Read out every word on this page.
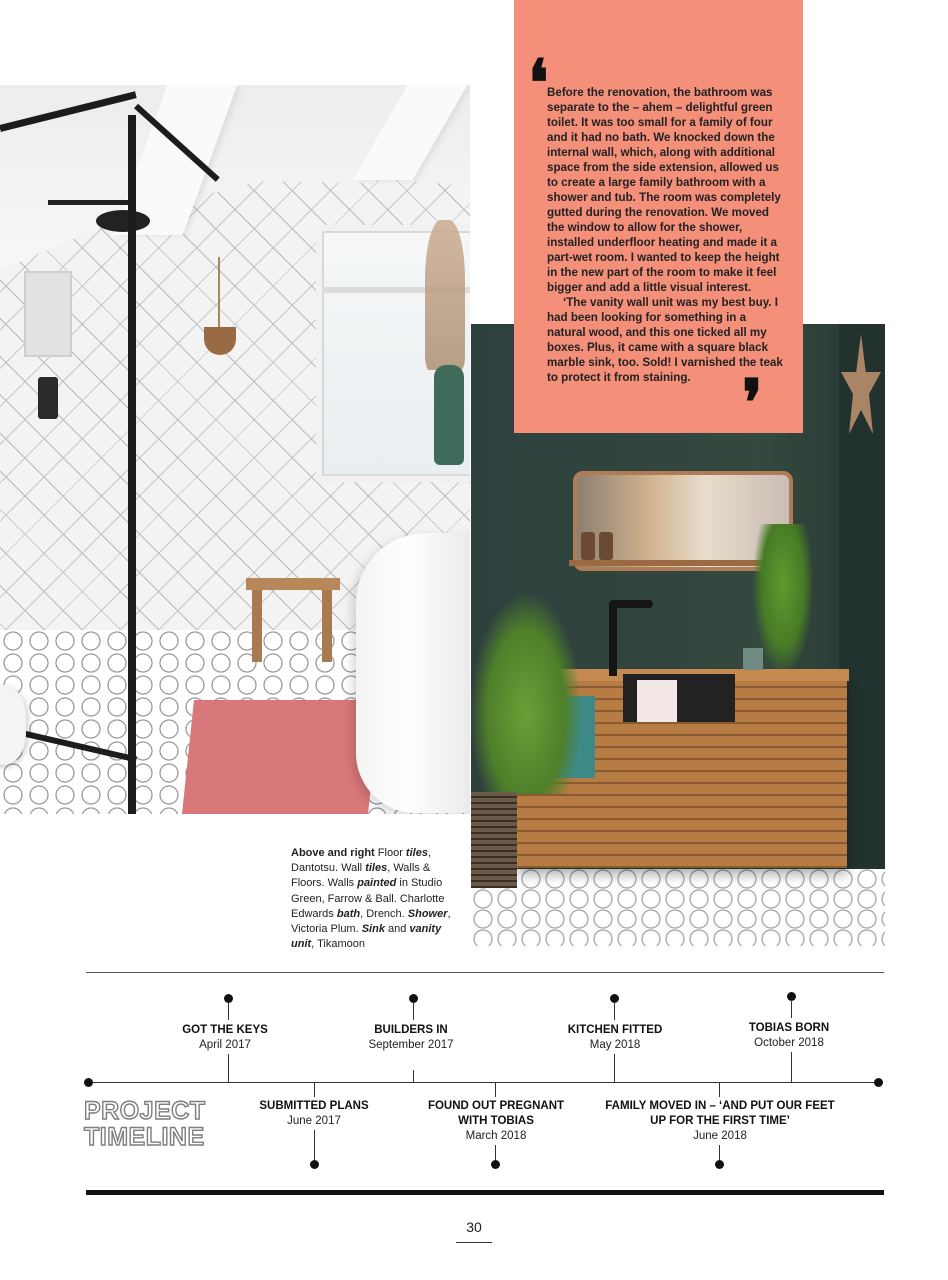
❛

Before the renovation, the bathroom was separate to the – ahem – delightful green toilet. It was too small for a family of four and it had no bath. We knocked down the internal wall, which, along with additional space from the side extension, allowed us to create a large family bathroom with a shower and tub. The room was completely gutted during the renovation. We moved the window to allow for the shower, installed underfloor heating and made it a part-wet room. I wanted to keep the height in the new part of the room to make it feel bigger and add a little visual interest.

‘The vanity wall unit was my best buy. I had been looking for something in a natural wood, and this one ticked all my boxes. Plus, it came with a square black marble sink, too. Sold! I varnished the teak to protect it from staining. ❜
Above and right Floor tiles, Dantotsu. Wall tiles, Walls & Floors. Walls painted in Studio Green, Farrow & Ball. Charlotte Edwards bath, Drench. Shower, Victoria Plum. Sink and vanity unit, Tikamoon
GOT THE KEYS
April 2017
BUILDERS IN
September 2017
KITCHEN FITTED
May 2018
TOBIAS BORN
October 2018
SUBMITTED PLANS
June 2017
FOUND OUT PREGNANT WITH TOBIAS
March 2018
FAMILY MOVED IN – ‘AND PUT OUR FEET UP FOR THE FIRST TIME’
June 2018
PROJECT
TIMELINE
30
